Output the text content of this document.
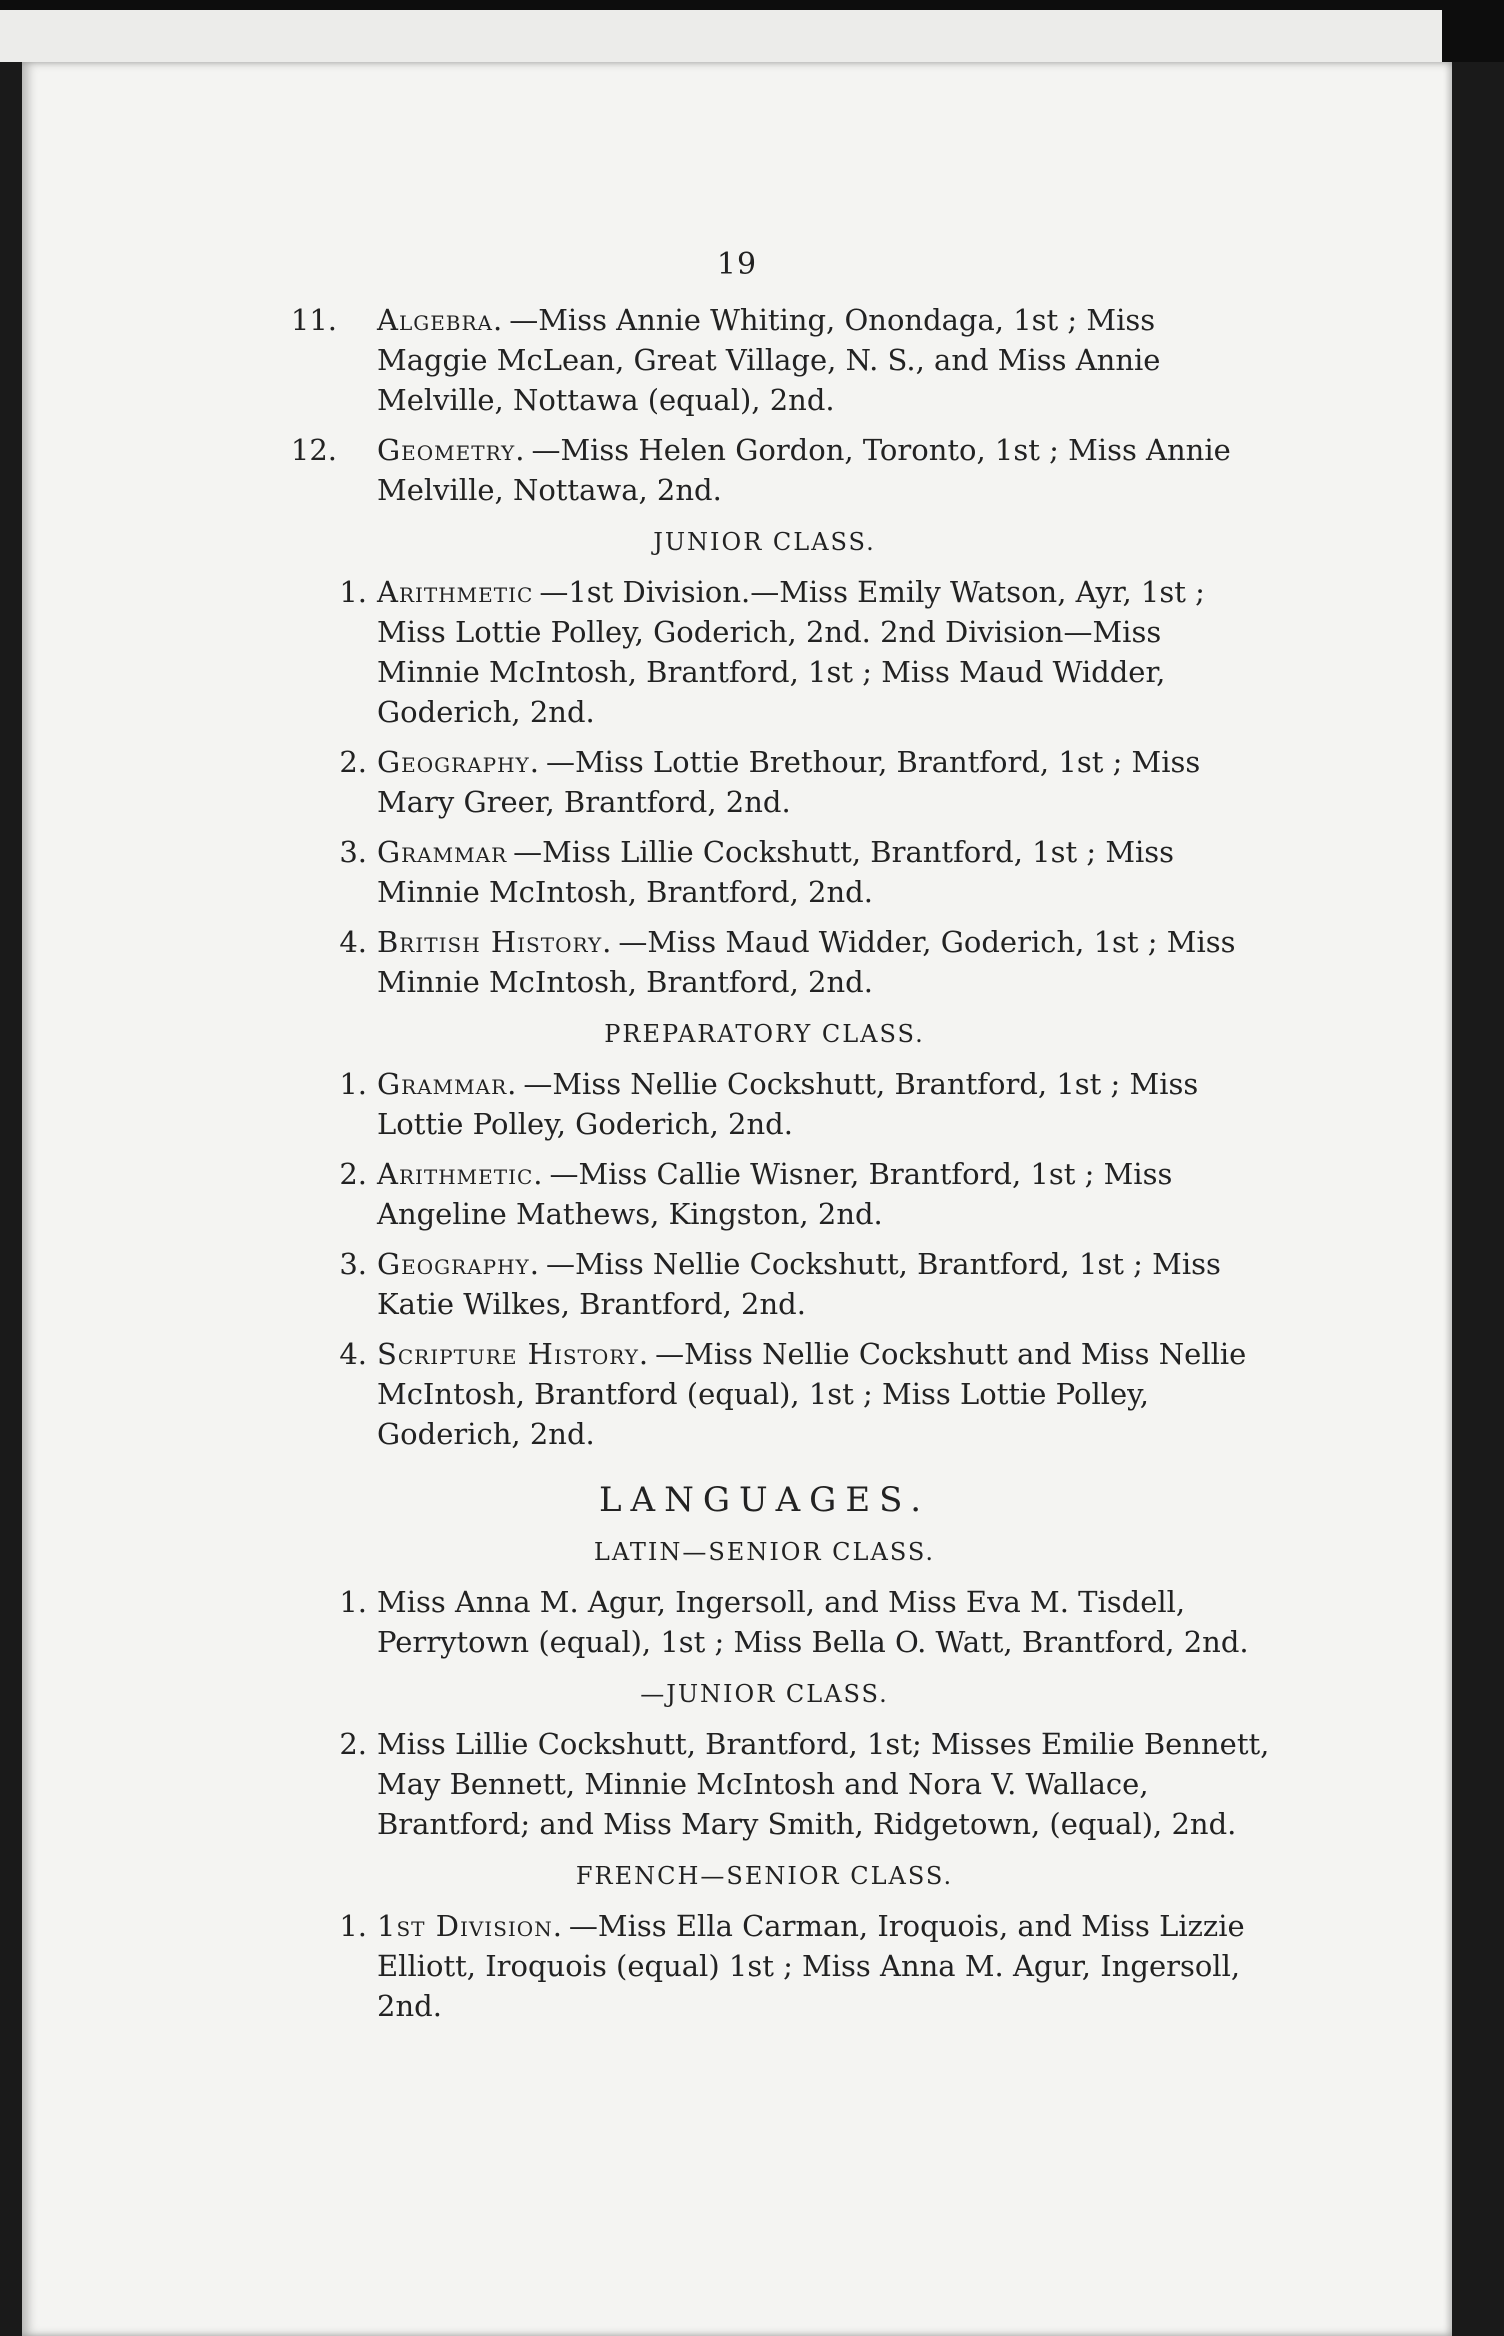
19
11. Algebra. —Miss Annie Whiting, Onondaga, 1st ; Miss Maggie McLean, Great Village, N. S., and Miss Annie Melville, Nottawa (equal), 2nd.
12. Geometry. —Miss Helen Gordon, Toronto, 1st ; Miss Annie Melville, Nottawa, 2nd.
JUNIOR CLASS.
1. Arithmetic —1st Division.—Miss Emily Watson, Ayr, 1st ; Miss Lottie Polley, Goderich, 2nd. 2nd Division—Miss Minnie McIntosh, Brantford, 1st ; Miss Maud Widder, Goderich, 2nd.
2. Geography. —Miss Lottie Brethour, Brantford, 1st ; Miss Mary Greer, Brantford, 2nd.
3. Grammar —Miss Lillie Cockshutt, Brantford, 1st ; Miss Minnie McIntosh, Brantford, 2nd.
4. British History. —Miss Maud Widder, Goderich, 1st ; Miss Minnie McIntosh, Brantford, 2nd.
PREPARATORY CLASS.
1. Grammar. —Miss Nellie Cockshutt, Brantford, 1st ; Miss Lottie Polley, Goderich, 2nd.
2. Arithmetic. —Miss Callie Wisner, Brantford, 1st ; Miss Angeline Mathews, Kingston, 2nd.
3. Geography. —Miss Nellie Cockshutt, Brantford, 1st ; Miss Katie Wilkes, Brantford, 2nd.
4. Scripture History. —Miss Nellie Cockshutt and Miss Nellie McIntosh, Brantford (equal), 1st ; Miss Lottie Polley, Goderich, 2nd.
LANGUAGES.
LATIN—SENIOR CLASS.
1. Miss Anna M. Agur, Ingersoll, and Miss Eva M. Tisdell, Perrytown (equal), 1st ; Miss Bella O. Watt, Brantford, 2nd.
—JUNIOR CLASS.
2. Miss Lillie Cockshutt, Brantford, 1st; Misses Emilie Bennett, May Bennett, Minnie McIntosh and Nora V. Wallace, Brantford; and Miss Mary Smith, Ridgetown, (equal), 2nd.
FRENCH—SENIOR CLASS.
1. 1st Division. —Miss Ella Carman, Iroquois, and Miss Lizzie Elliott, Iroquois (equal) 1st ; Miss Anna M. Agur, Ingersoll, 2nd.
